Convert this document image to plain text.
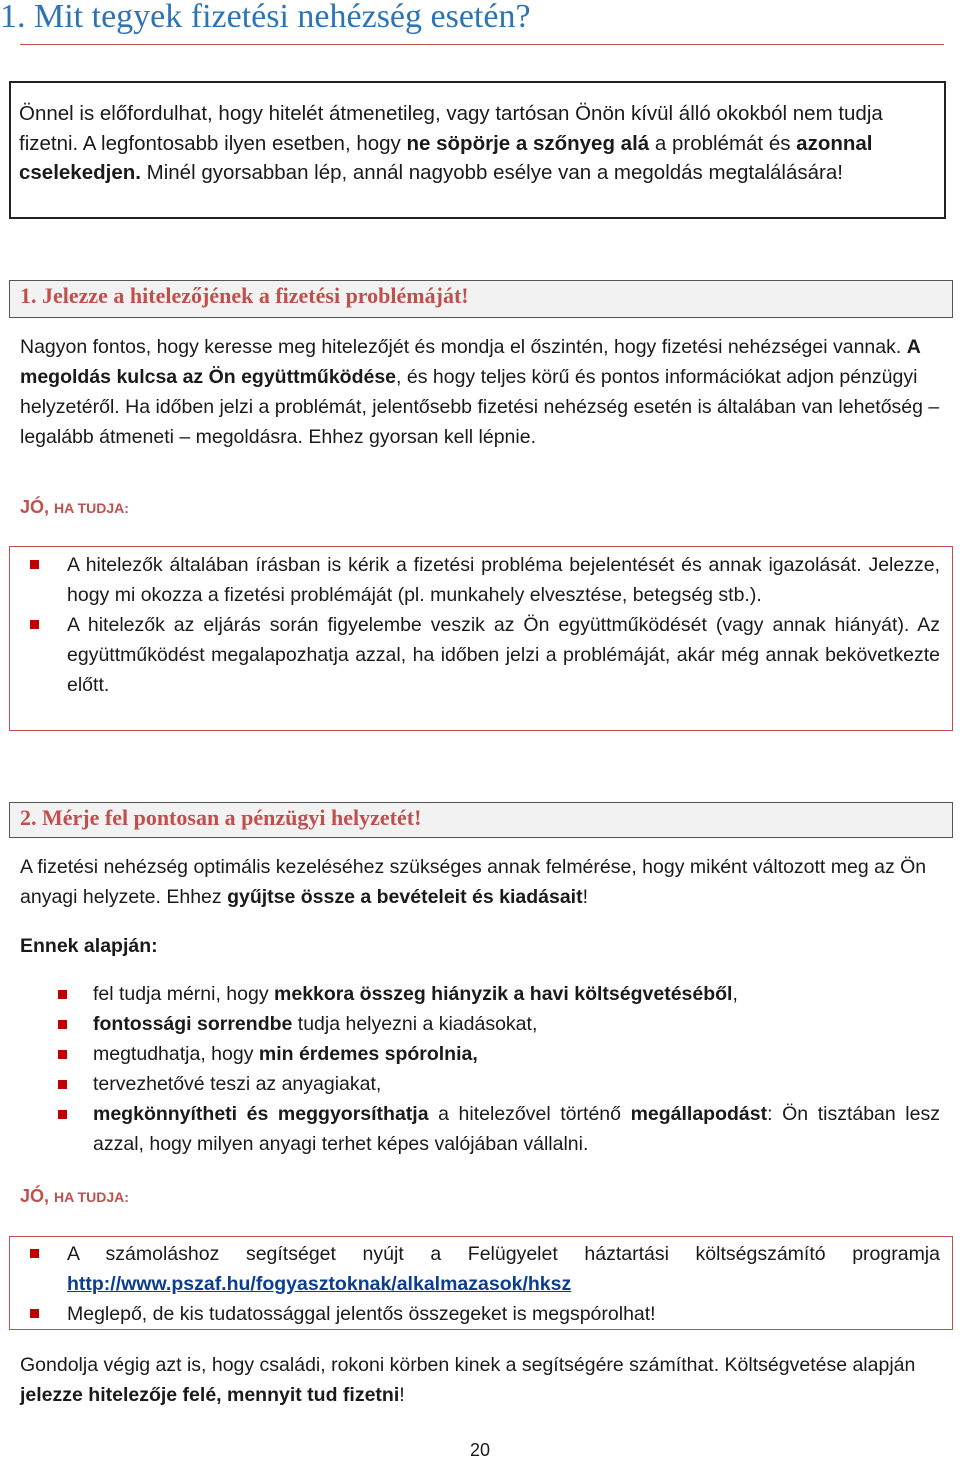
1. Mit tegyek fizetési nehézség esetén?
Önnel is előfordulhat, hogy hitelét átmenetileg, vagy tartósan Önön kívül álló okokból nem tudja fizetni. A legfontosabb ilyen esetben, hogy ne söpörje a szőnyeg alá a problémát és azonnal cselekedjen. Minél gyorsabban lép, annál nagyobb esélye van a megoldás megtalálására!
1. Jelezze a hitelezőjének a fizetési problémáját!
Nagyon fontos, hogy keresse meg hitelezőjét és mondja el őszintén, hogy fizetési nehézségei vannak. A megoldás kulcsa az Ön együttműködése, és hogy teljes körű és pontos információkat adjon pénzügyi helyzetéről. Ha időben jelzi a problémát, jelentősebb fizetési nehézség esetén is általában van lehetőség – legalább átmeneti – megoldásra. Ehhez gyorsan kell lépnie.
JÓ, HA TUDJA:
A hitelezők általában írásban is kérik a fizetési probléma bejelentését és annak igazolását. Jelezze, hogy mi okozza a fizetési problémáját (pl. munkahely elvesztése, betegség stb.).
A hitelezők az eljárás során figyelembe veszik az Ön együttműködését (vagy annak hiányát). Az együttműködést megalapozhatja azzal, ha időben jelzi a problémáját, akár még annak bekövetkezte előtt.
2. Mérje fel pontosan a pénzügyi helyzetét!
A fizetési nehézség optimális kezeléséhez szükséges annak felmérése, hogy miként változott meg az Ön anyagi helyzete. Ehhez gyűjtse össze a bevételeit és kiadásait!
Ennek alapján:
fel tudja mérni, hogy mekkora összeg hiányzik a havi költségvetéséből,
fontossági sorrendbe tudja helyezni a kiadásokat,
megtudhatja, hogy min érdemes spórolnia,
tervezhetővé teszi az anyagiakat,
megkönnyítheti és meggyorsíthatja a hitelezővel történő megállapodást: Ön tisztában lesz azzal, hogy milyen anyagi terhet képes valójában vállalni.
JÓ, HA TUDJA:
A számoláshoz segítséget nyújt a Felügyelet háztartási költségszámító programja http://www.pszaf.hu/fogyasztoknak/alkalmazasok/hksz
Meglepő, de kis tudatossággal jelentős összegeket is megspórolhat!
Gondolja végig azt is, hogy családi, rokoni körben kinek a segítségére számíthat. Költségvetése alapján jelezze hitelezője felé, mennyit tud fizetni!
20
